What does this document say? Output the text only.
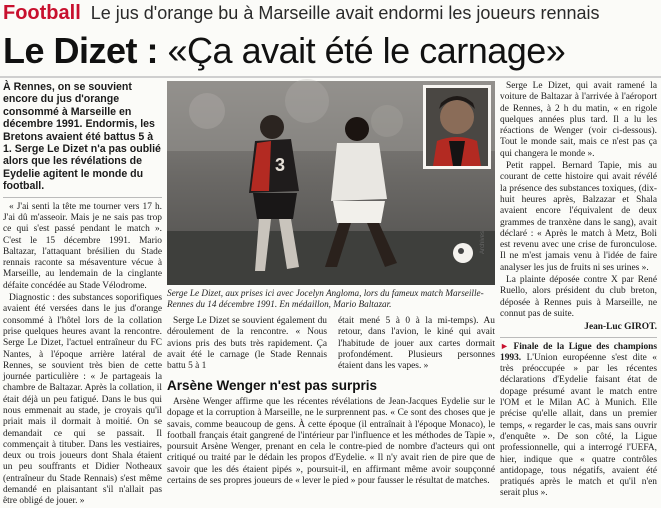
Football Le jus d'orange bu à Marseille avait endormi les joueurs rennais
Le Dizet : «Ça avait été le carnage»

À Rennes, on se souvient encore du jus d'orange consommé à Marseille en décembre 1991. Endormis, les Bretons avaient été battus 5 à 1. Serge Le Dizet n'a pas oublié alors que les révélations de Eydelie agitent le monde du football.

« J'ai senti la tête me tourner vers 17 h. J'ai dû m'asseoir. Mais je ne sais pas trop ce qui s'est passé pendant le match ». C'est le 15 décembre 1991. Mario Baltazar, l'attaquant brésilien du Stade rennais raconte sa mésaventure vécue à Marseille, au lendemain de la cinglante défaite concédée au Stade Vélodrome.

Diagnostic : des substances soporifiques avaient été versées dans le jus d'orange consommé à l'hôtel lors de la collation prise quelques heures avant la rencontre. Serge Le Dizet, l'actuel entraîneur du FC Nantes, à l'époque arrière latéral de Rennes, se souvient très bien de cette journée particulière : « Je partageais la chambre de Baltazar. Après la collation, il était déjà un peu fatigué. Dans le bus qui nous emmenait au stade, je croyais qu'il priait mais il dormait à moitié. On se demandait ce qui se passait. Il commençait à tituber. Dans les vestiaires, deux ou trois joueurs dont Shala étaient un peu souffrants et Didier Notheaux (entraîneur du Stade Rennais) s'est même demandé en plaisantant s'il n'allait pas être obligé de jouer. »

3
Archives
Serge Le Dizet, aux prises ici avec Jocelyn Angloma, lors du fameux match Marseille-Rennes du 14 décembre 1991. En médaillon, Mario Baltazar.

Serge Le Dizet se souvient également du déroulement de la rencontre. « Nous avions pris des buts très rapidement. Ça avait été le carnage (le Stade Rennais battu 5 à 1

était mené 5 à 0 à la mi-temps). Au retour, dans l'avion, le kiné qui avait l'habitude de jouer aux cartes dormait profondément. Plusieurs personnes étaient dans les vapes. »

Arsène Wenger n'est pas surpris

Arsène Wenger affirme que les récentes révélations de Jean-Jacques Eydelie sur le dopage et la corruption à Marseille, ne le surprennent pas. « Ce sont des choses que je savais, comme beaucoup de gens. À cette époque (il entraînait à l'époque Monaco), le football français était gangrené de l'intérieur par l'influence et les méthodes de Tapie », poursuit Arsène Wenger, prenant en cela le contre-pied de nombre d'acteurs qui ont critiqué ou traité par le dédain les propos d'Eydelie. « Il n'y avait rien de pire que de savoir que les dés étaient pipés », poursuit-il, en affirmant même avoir soupçonné certains de ses propres joueurs de « lever le pied » pour fausser le résultat de matches.

Serge Le Dizet, qui avait ramené la voiture de Baltazar à l'arrivée à l'aéroport de Rennes, à 2 h du matin, « en rigole quelques années plus tard. Il a lu les réactions de Wenger (voir ci-dessous). Tout le monde sait, mais ce n'est pas ça qui changera le monde ».

Petit rappel. Bernard Tapie, mis au courant de cette histoire qui avait révélé la présence des substances toxiques, (dix-huit heures après, Balzazar et Shala avaient encore l'équivalent de deux grammes de tranxène dans le sang), avait déclaré : « Après le match à Metz, Boli est revenu avec une crise de furonculose. Il ne m'est jamais venu à l'idée de faire analyser les jus de fruits ni ses urines ».

La plainte déposée contre X par René Ruello, alors président du club breton, déposée à Rennes puis à Marseille, ne connut pas de suite.

Jean-Luc GIROT.

► Finale de la Ligue des champions 1993. L'Union européenne s'est dite « très préoccupée » par les récentes déclarations d'Eydelie faisant état de dopage présumé avant le match entre l'OM et le Milan AC à Munich. Elle précise qu'elle allait, dans un premier temps, « regarder le cas, mais sans ouvrir d'enquête ». De son côté, la Ligue professionnelle, qui a interrogé l'UEFA, hier, indique que « quatre contrôles antidopage, tous négatifs, avaient été pratiqués après le match et qu'il n'en serait plus ».
